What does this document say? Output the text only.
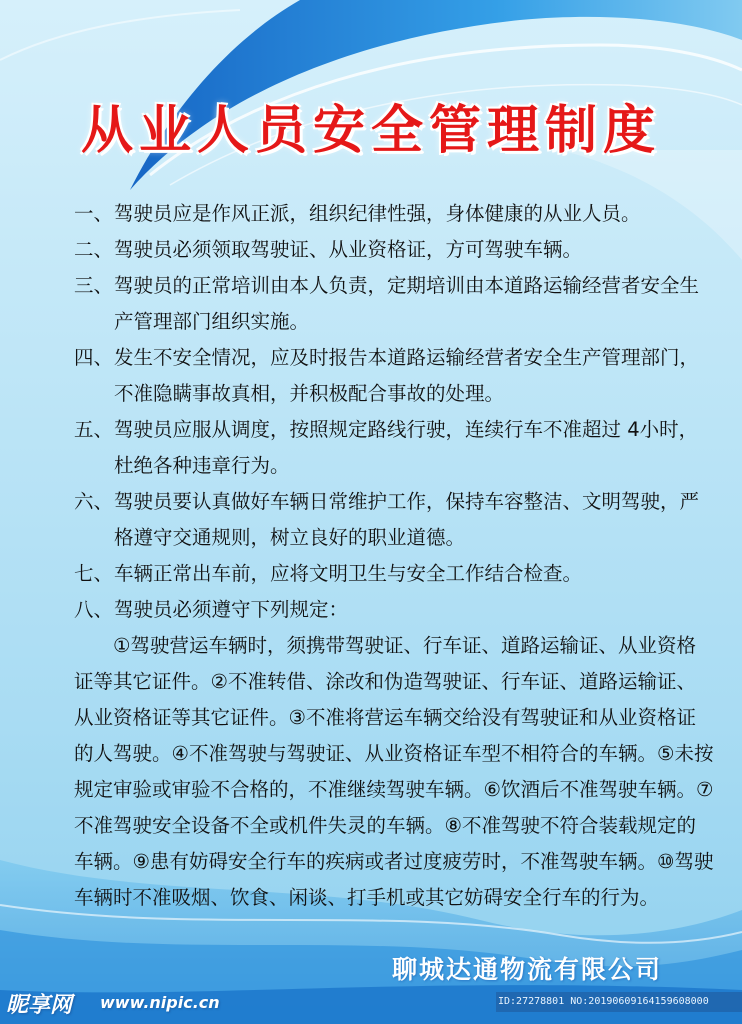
从业人员安全管理制度
一、 驾驶员应是作风正派，组织纪律性强，身体健康的从业人员。
二、 驾驶员必须领取驾驶证、从业资格证，方可驾驶车辆。
三、 驾驶员的正常培训由本人负责，定期培训由本道路运输经营者安全生产管理部门组织实施。
四、 发生不安全情况，应及时报告本道路运输经营者安全生产管理部门，不准隐瞒事故真相，并积极配合事故的处理。
五、 驾驶员应服从调度，按照规定路线行驶，连续行车不准超过 4小时，杜绝各种违章行为。
六、 驾驶员要认真做好车辆日常维护工作，保持车容整洁、文明驾驶，严格遵守交通规则，树立良好的职业道德。
七、 车辆正常出车前，应将文明卫生与安全工作结合检查。
八、 驾驶员必须遵守下列规定：
①驾驶营运车辆时，须携带驾驶证、行车证、道路运输证、从业资格证等其它证件。②不准转借、涂改和伪造驾驶证、行车证、道路运输证、从业资格证等其它证件。③不准将营运车辆交给没有驾驶证和从业资格证的人驾驶。④不准驾驶与驾驶证、从业资格证车型不相符合的车辆。⑤未按规定审验或审验不合格的，不准继续驾驶车辆。⑥饮酒后不准驾驶车辆。⑦不准驾驶安全设备不全或机件失灵的车辆。⑧不准驾驶不符合装载规定的车辆。⑨患有妨碍安全行车的疾病或者过度疲劳时，不准驾驶车辆。⑩驾驶车辆时不准吸烟、饮食、闲谈、打手机或其它妨碍安全行车的行为。
聊城达通物流有限公司
昵享网 www.nipic.cn	ID:27278801 NO:20190609164159608000
